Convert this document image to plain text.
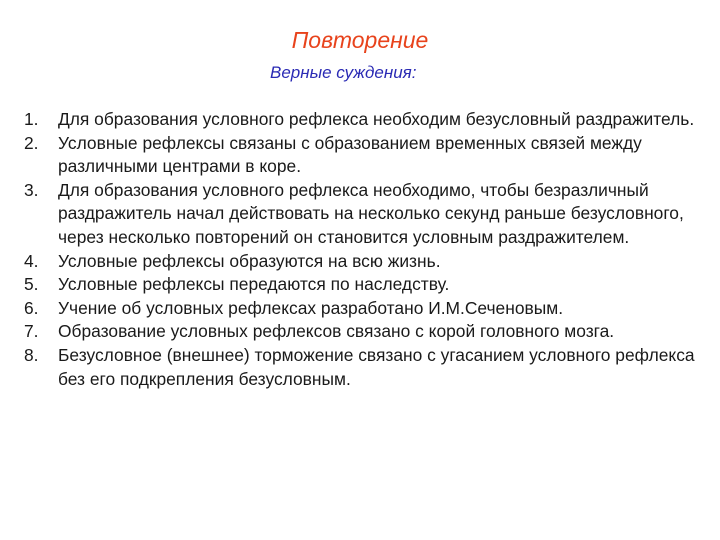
Повторение
Верные суждения:
1.	Для образования условного рефлекса необходим безусловный раздражитель.
2.	Условные рефлексы связаны с образованием временных связей между различными центрами в коре.
3.	Для образования условного рефлекса необходимо, чтобы безразличный раздражитель начал действовать на несколько секунд раньше безусловного, через несколько повторений он становится условным раздражителем.
4.	Условные рефлексы образуются на всю жизнь.
5.	Условные рефлексы передаются по наследству.
6.	Учение об условных рефлексах разработано И.М.Сеченовым.
7.	Образование условных рефлексов связано с корой головного мозга.
8.	Безусловное (внешнее) торможение связано с угасанием условного рефлекса без его подкрепления безусловным.
